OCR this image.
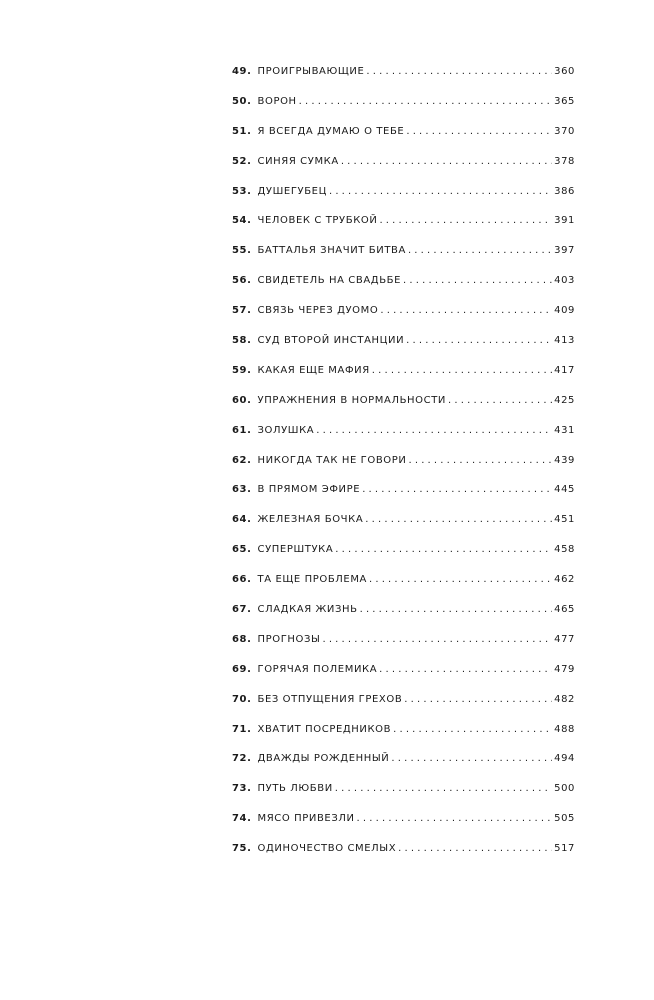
49. ПРОИГРЫВАЮЩИЕ . . .	360
50. ВОРОН . . .	365
51. Я ВСЕГДА ДУМАЮ О ТЕБЕ . . .	370
52. СИНЯЯ СУМКА . . .	378
53. ДУШЕГУБЕЦ . . .	386
54. ЧЕЛОВЕК С ТРУБКОЙ . . .	391
55. БАТТАЛЬЯ ЗНАЧИТ БИТВА . . .	397
56. СВИДЕТЕЛЬ НА СВАДЬБЕ . . .	403
57. СВЯЗЬ ЧЕРЕЗ ДУОМО . . .	409
58. СУД ВТОРОЙ ИНСТАНЦИИ . . .	413
59. КАКАЯ ЕЩЕ МАФИЯ . . .	417
60. УПРАЖНЕНИЯ В НОРМАЛЬНОСТИ . . .	425
61. ЗОЛУШКА . . .	431
62. НИКОГДА ТАК НЕ ГОВОРИ . . .	439
63. В ПРЯМОМ ЭФИРЕ . . .	445
64. ЖЕЛЕЗНАЯ БОЧКА . . .	451
65. СУПЕРШТУКА . . .	458
66. ТА ЕЩЕ ПРОБЛЕМА . . .	462
67. СЛАДКАЯ ЖИЗНЬ . . .	465
68. ПРОГНОЗЫ . . .	477
69. ГОРЯЧАЯ ПОЛЕМИКА . . .	479
70. БЕЗ ОТПУЩЕНИЯ ГРЕХОВ . . .	482
71. ХВАТИТ ПОСРЕДНИКОВ . . .	488
72. ДВАЖДЫ РОЖДЕННЫЙ . . .	494
73. ПУТЬ ЛЮБВИ . . .	500
74. МЯСО ПРИВЕЗЛИ . . .	505
75. ОДИНОЧЕСТВО СМЕЛЫХ . . .	517
